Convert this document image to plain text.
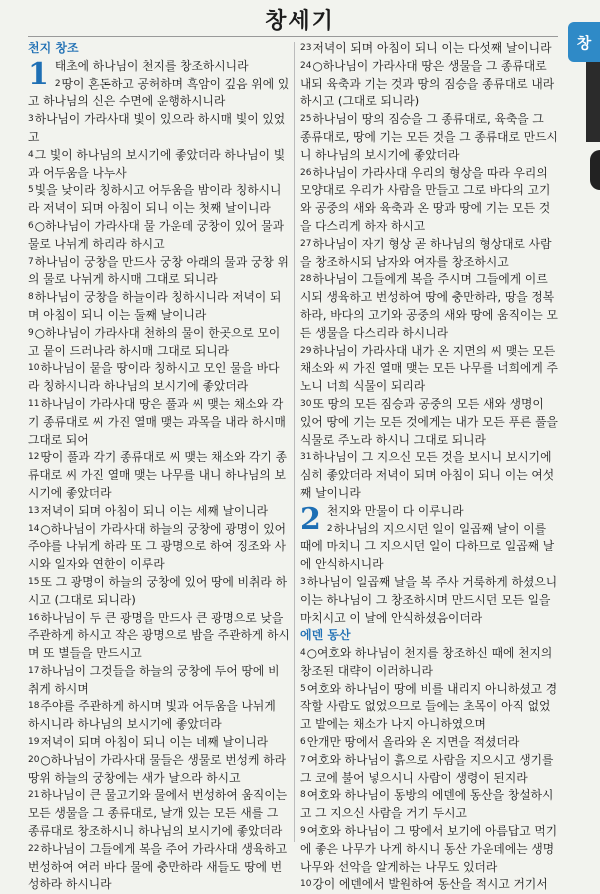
창세기
창
천지 창조
1 태초에 하나님이 천지를 창조하시니라
$^2$땅이 혼돈하고 공허하며 흑암이 깊음 위에 있고 하나님의 신은 수면에 운행하시니라
$^3$하나님이 가라사대 빛이 있으라 하시매 빛이 있었고
$^4$그 빛이 하나님의 보시기에 좋았더라 하나님이 빛과 어두움을 나누사
$^5$빛을 낮이라 칭하시고 어두움을 밤이라 칭하시니라 저녁이 되며 아침이 되니 이는 첫째 날이니라
$^6$○하나님이 가라사대 물 가운데 궁창이 있어 물과 물로 나뉘게 하리라 하시고
$^7$하나님이 궁창을 만드사 궁창 아래의 물과 궁창 위의 물로 나뉘게 하시매 그대로 되니라
$^8$하나님이 궁창을 하늘이라 칭하시니라 저녁이 되며 아침이 되니 이는 둘째 날이니라
$^9$○하나님이 가라사대 천하의 물이 한곳으로 모이고 뭍이 드러나라 하시매 그대로 되니라
$^{10}$하나님이 뭍을 땅이라 칭하시고 모인 물을 바다라 칭하시니라 하나님의 보시기에 좋았더라
$^{11}$하나님이 가라사대 땅은 풀과 씨 맺는 채소와 각기 종류대로 씨 가진 열매 맺는 과목을 내라 하시매 그대로 되어
$^{12}$땅이 풀과 각기 종류대로 씨 맺는 채소와 각기 종류대로 씨 가진 열매 맺는 나무를 내니 하나님의 보시기에 좋았더라
$^{13}$저녁이 되며 아침이 되니 이는 세째 날이니라
$^{14}$○하나님이 가라사대 하늘의 궁창에 광명이 있어 주야를 나뉘게 하라 또 그 광명으로 하여 징조와 사시와 일자와 연한이 이루라
$^{15}$또 그 광명이 하늘의 궁창에 있어 땅에 비취라 하시고 (그대로 되니라)
$^{16}$하나님이 두 큰 광명을 만드사 큰 광명으로 낮을 주관하게 하시고 작은 광명으로 밤을 주관하게 하시며 또 별들을 만드시고
$^{17}$하나님이 그것들을 하늘의 궁창에 두어 땅에 비취게 하시며
$^{18}$주야를 주관하게 하시며 빛과 어두움을 나뉘게 하시니라 하나님의 보시기에 좋았더라
$^{19}$저녁이 되며 아침이 되니 이는 네째 날이니라
$^{20}$○하나님이 가라사대 물들은 생물로 번성케 하라 땅위 하늘의 궁창에는 새가 날으라 하시고
$^{21}$하나님이 큰 물고기와 물에서 번성하여 움직이는 모든 생물을 그 종류대로, 날개 있는 모든 새를 그 종류대로 창조하시니 하나님의 보시기에 좋았더라
$^{22}$하나님이 그들에게 복을 주어 가라사대 생육하고 번성하여 여러 바다 물에 충만하라 새들도 땅에 번성하라 하시니라
$^{23}$저녁이 되며 아침이 되니 이는 다섯째 날이니라
$^{24}$○하나님이 가라사대 땅은 생물을 그 종류대로 내되 육축과 기는 것과 땅의 짐승을 종류대로 내라 하시고 (그대로 되니라)
$^{25}$하나님이 땅의 짐승을 그 종류대로, 육축을 그 종류대로, 땅에 기는 모든 것을 그 종류대로 만드시니 하나님의 보시기에 좋았더라
$^{26}$하나님이 가라사대 우리의 형상을 따라 우리의 모양대로 우리가 사람을 만들고 그로 바다의 고기와 공중의 새와 육축과 온 땅과 땅에 기는 모든 것을 다스리게 하자 하시고
$^{27}$하나님이 자기 형상 곧 하나님의 형상대로 사람을 창조하시되 남자와 여자를 창조하시고
$^{28}$하나님이 그들에게 복을 주시며 그들에게 이르시되 생육하고 번성하여 땅에 충만하라, 땅을 정복하라, 바다의 고기와 공중의 새와 땅에 움직이는 모든 생물을 다스리라 하시니라
$^{29}$하나님이 가라사대 내가 온 지면의 씨 맺는 모든 채소와 씨 가진 열매 맺는 모든 나무를 너희에게 주노니 너희 식물이 되리라
$^{30}$또 땅의 모든 짐승과 공중의 모든 새와 생명이 있어 땅에 기는 모든 것에게는 내가 모든 푸른 풀을 식물로 주노라 하시니 그대로 되니라
$^{31}$하나님이 그 지으신 모든 것을 보시니 보시기에 심히 좋았더라 저녁이 되며 아침이 되니 이는 여섯째 날이니라
2 천지와 만물이 다 이루니라
$^2$하나님의 지으시던 일이 일곱째 날이 이를 때에 마치니 그 지으시던 일이 다하므로 일곱째 날에 안식하시니라
$^3$하나님이 일곱째 날을 복 주사 거룩하게 하셨으니 이는 하나님이 그 창조하시며 만드시던 모든 일을 마치시고 이 날에 안식하셨음이더라
에덴 동산
$^4$○여호와 하나님이 천지를 창조하신 때에 천지의 창조된 대략이 이러하니라
$^5$여호와 하나님이 땅에 비를 내리지 아니하셨고 경작할 사람도 없었으므로 들에는 초목이 아직 없었고 밭에는 채소가 나지 아니하였으며
$^6$안개만 땅에서 올라와 온 지면을 적셨더라
$^7$여호와 하나님이 흙으로 사람을 지으시고 생기를 그 코에 불어 넣으시니 사람이 생령이 된지라
$^8$여호와 하나님이 동방의 에덴에 동산을 창설하시고 그 지으신 사람을 거기 두시고
$^9$여호와 하나님이 그 땅에서 보기에 아름답고 먹기에 좋은 나무가 나게 하시니 동산 가운데에는 생명나무와 선악을 알게하는 나무도 있더라
$^{10}$강이 에덴에서 발원하여 동산을 적시고 거기서
